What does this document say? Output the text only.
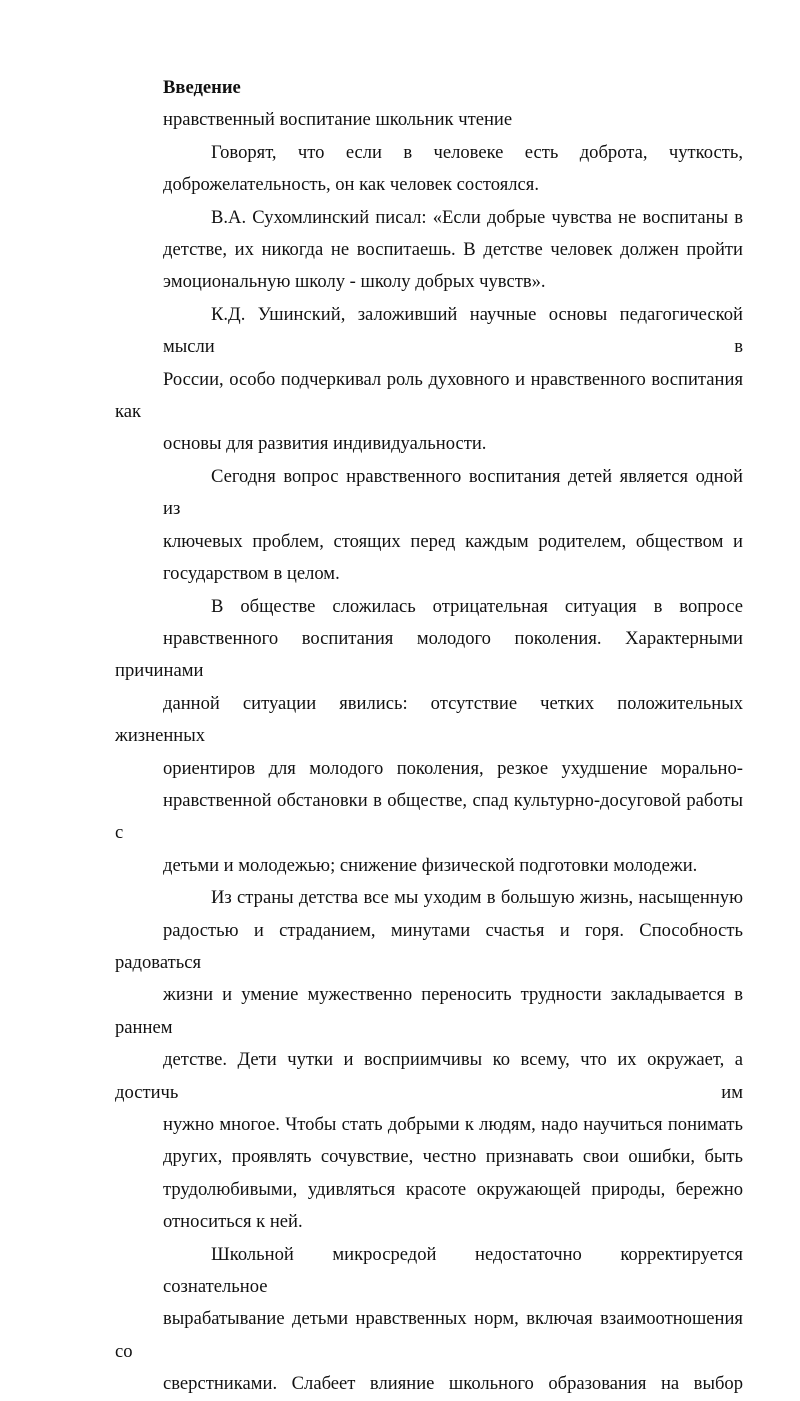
Введение

нравственный воспитание школьник чтение

Говорят, что если в человеке есть доброта, чуткость,
доброжелательность, он как человек состоялся.

В.А. Сухомлинский писал: «Если добрые чувства не воспитаны в
детстве, их никогда не воспитаешь. В детстве человек должен пройти
эмоциональную школу - школу добрых чувств».

К.Д. Ушинский, заложивший научные основы педагогической мысли в
России, особо подчеркивал роль духовного и нравственного воспитания как
основы для развития индивидуальности.

Сегодня вопрос нравственного воспитания детей является одной из
ключевых проблем, стоящих перед каждым родителем, обществом и
государством в целом.

В обществе сложилась отрицательная ситуация в вопросе
нравственного воспитания молодого поколения. Характерными причинами
данной ситуации явились: отсутствие четких положительных жизненных
ориентиров для молодого поколения, резкое ухудшение морально-
нравственной обстановки в обществе, спад культурно-досуговой работы с
детьми и молодежью; снижение физической подготовки молодежи.

Из страны детства все мы уходим в большую жизнь, насыщенную
радостью и страданием, минутами счастья и горя. Способность радоваться
жизни и умение мужественно переносить трудности закладывается в раннем
детстве. Дети чутки и восприимчивы ко всему, что их окружает, а достичь им
нужно многое. Чтобы стать добрыми к людям, надо научиться понимать
других, проявлять сочувствие, честно признавать свои ошибки, быть
трудолюбивыми, удивляться красоте окружающей природы, бережно
относиться к ней.

Школьной микросредой недостаточно корректируется сознательное
вырабатывание детьми нравственных норм, включая взаимоотношения со
сверстниками. Слабеет влияние школьного образования на выбор
